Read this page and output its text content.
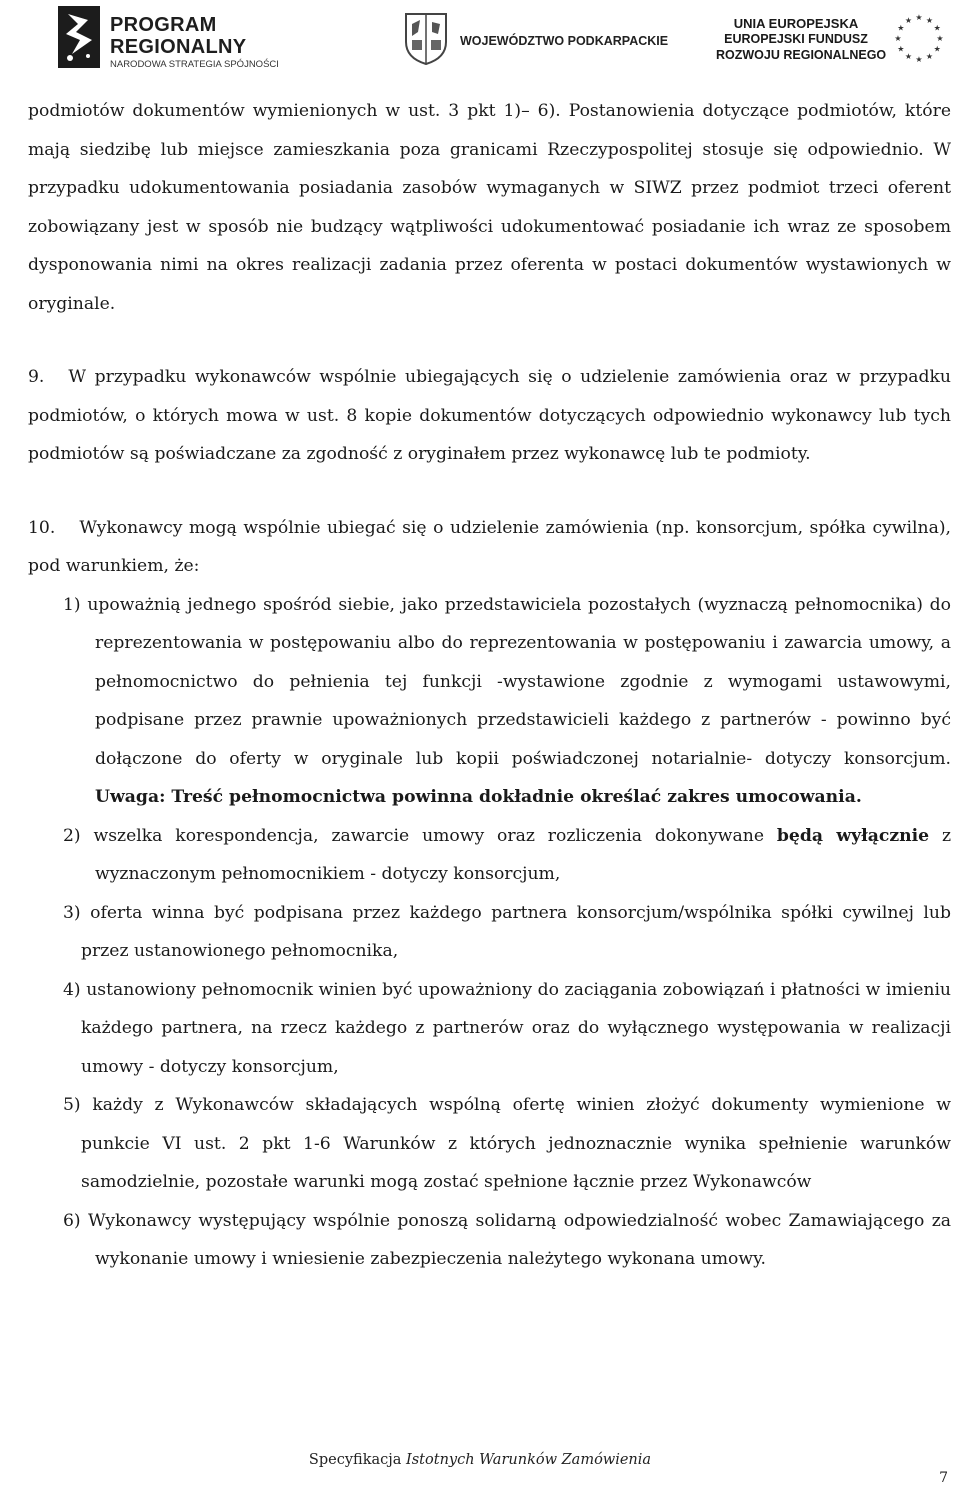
PROGRAM
REGIONALNY
NARODOWA STRATEGIA SPÓJNOŚCI
WOJEWÓDZTWO PODKARPACKIE
UNIA EUROPEJSKA
EUROPEJSKI FUNDUSZ
ROZWOJU REGIONALNEGO
★ ★
★
★
★
★
★
★
★
★
★
★

podmiotów dokumentów wymienionych w ust. 3 pkt 1)– 6). Postanowienia dotyczące podmiotów, które mają siedzibę lub miejsce zamieszkania poza granicami Rzeczypospolitej stosuje się odpowiednio. W przypadku udokumentowania posiadania zasobów wymaganych w SIWZ przez podmiot trzeci oferent zobowiązany jest w sposób nie budzący wątpliwości udokumentować posiadanie ich wraz ze sposobem dysponowania nimi na okres realizacji zadania przez oferenta w postaci dokumentów wystawionych w oryginale.

9. W przypadku wykonawców wspólnie ubiegających się o udzielenie zamówienia oraz w przypadku podmiotów, o których mowa w ust. 8 kopie dokumentów dotyczących odpowiednio wykonawcy lub tych podmiotów są poświadczane za zgodność z oryginałem przez wykonawcę lub te podmioty.

10. Wykonawcy mogą wspólnie ubiegać się o udzielenie zamówienia (np. konsorcjum, spółka cywilna), pod warunkiem, że:

1) upoważnią jednego spośród siebie, jako przedstawiciela pozostałych (wyznaczą pełnomocnika) do reprezentowania w postępowaniu albo do reprezentowania w postępowaniu i zawarcia umowy, a pełnomocnictwo do pełnienia tej funkcji -wystawione zgodnie z wymogami ustawowymi, podpisane przez prawnie upoważnionych przedstawicieli każdego z partnerów - powinno być dołączone do oferty w oryginale lub kopii poświadczonej notarialnie- dotyczy konsorcjum. Uwaga: Treść pełnomocnictwa powinna dokładnie określać zakres umocowania.
2) wszelka korespondencja, zawarcie umowy oraz rozliczenia dokonywane będą wyłącznie z wyznaczonym pełnomocnikiem - dotyczy konsorcjum,
3) oferta winna być podpisana przez każdego partnera konsorcjum/wspólnika spółki cywilnej lub przez ustanowionego pełnomocnika,
4) ustanowiony pełnomocnik winien być upoważniony do zaciągania zobowiązań i płatności w imieniu każdego partnera, na rzecz każdego z partnerów oraz do wyłącznego występowania w realizacji umowy - dotyczy konsorcjum,
5) każdy z Wykonawców składających wspólną ofertę winien złożyć dokumenty wymienione w punkcie VI ust. 2 pkt 1-6 Warunków z których jednoznacznie wynika spełnienie warunków samodzielnie, pozostałe warunki mogą zostać spełnione łącznie przez Wykonawców
6) Wykonawcy występujący wspólnie ponoszą solidarną odpowiedzialność wobec Zamawiającego za wykonanie umowy i wniesienie zabezpieczenia należytego wykonana umowy.
Specyfikacja Istotnych Warunków Zamówienia
7
